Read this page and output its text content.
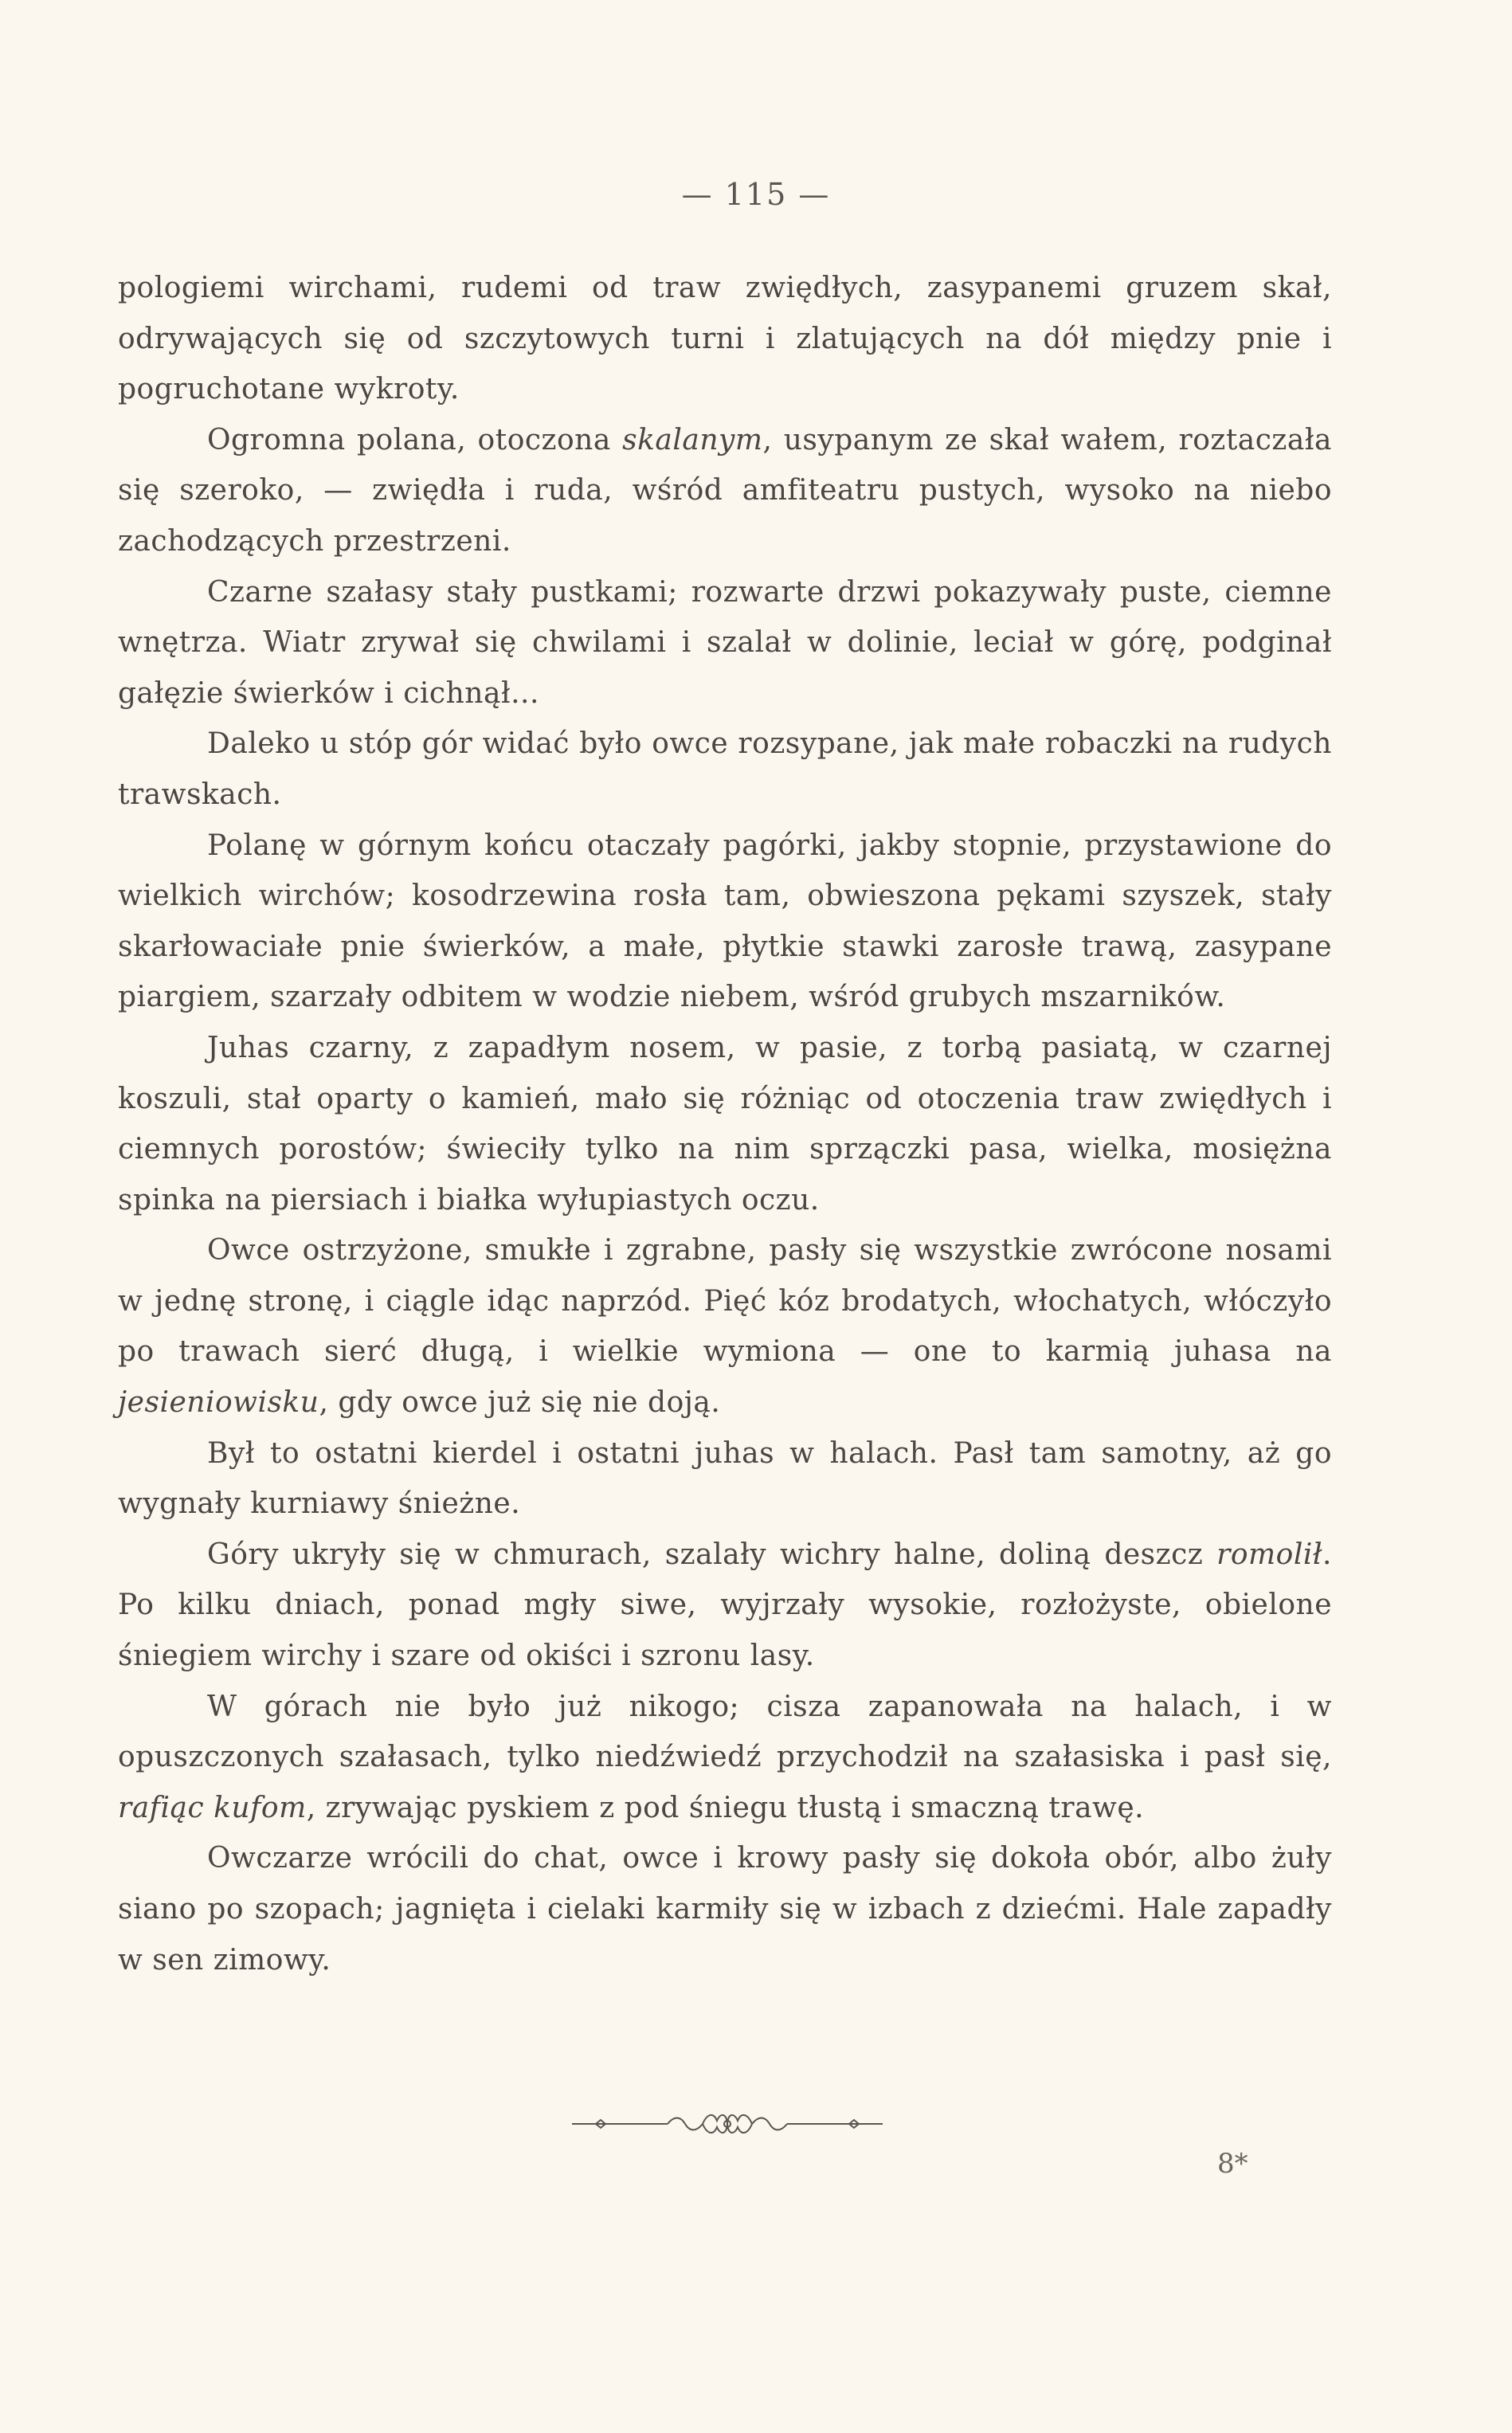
— 115 —

pologiemi wirchami, rudemi od traw zwiędłych, zasypanemi gruzem skał, odrywających się od szczytowych turni i zlatujących na dół między pnie i pogruchotane wykroty.

Ogromna polana, otoczona skalanym, usypanym ze skał wałem, roztaczała się szeroko, — zwiędła i ruda, wśród amfiteatru pustych, wysoko na niebo zachodzących przestrzeni.

Czarne szałasy stały pustkami; rozwarte drzwi pokazywały puste, ciemne wnętrza. Wiatr zrywał się chwilami i szalał w dolinie, leciał w górę, podginał gałęzie świerków i cichnął...

Daleko u stóp gór widać było owce rozsypane, jak małe robaczki na rudych trawskach.

Polanę w górnym końcu otaczały pagórki, jakby stopnie, przystawione do wielkich wirchów; kosodrzewina rosła tam, obwieszona pękami szyszek, stały skarłowaciałe pnie świerków, a małe, płytkie stawki zarosłe trawą, zasypane piargiem, szarzały odbitem w wodzie niebem, wśród grubych mszarników.

Juhas czarny, z zapadłym nosem, w pasie, z torbą pasiatą, w czarnej koszuli, stał oparty o kamień, mało się różniąc od otoczenia traw zwiędłych i ciemnych porostów; świeciły tylko na nim sprzączki pasa, wielka, mosiężna spinka na piersiach i białka wyłupiastych oczu.

Owce ostrzyżone, smukłe i zgrabne, pasły się wszystkie zwrócone nosami w jednę stronę, i ciągle idąc naprzód. Pięć kóz brodatych, włochatych, włóczyło po trawach sierć długą, i wielkie wymiona — one to karmią juhasa na jesieniowisku, gdy owce już się nie doją.

Był to ostatni kierdel i ostatni juhas w halach. Pasł tam samotny, aż go wygnały kurniawy śnieżne.

Góry ukryły się w chmurach, szalały wichry halne, doliną deszcz romolił. Po kilku dniach, ponad mgły siwe, wyjrzały wysokie, rozłożyste, obielone śniegiem wirchy i szare od okiści i szronu lasy.

W górach nie było już nikogo; cisza zapanowała na halach, i w opuszczonych szałasach, tylko niedźwiedź przychodził na szałasiska i pasł się, rafiąc kufom, zrywając pyskiem z pod śniegu tłustą i smaczną trawę.

Owczarze wrócili do chat, owce i krowy pasły się dokoła obór, albo żuły siano po szopach; jagnięta i cielaki karmiły się w izbach z dziećmi. Hale zapadły w sen zimowy.

8*
